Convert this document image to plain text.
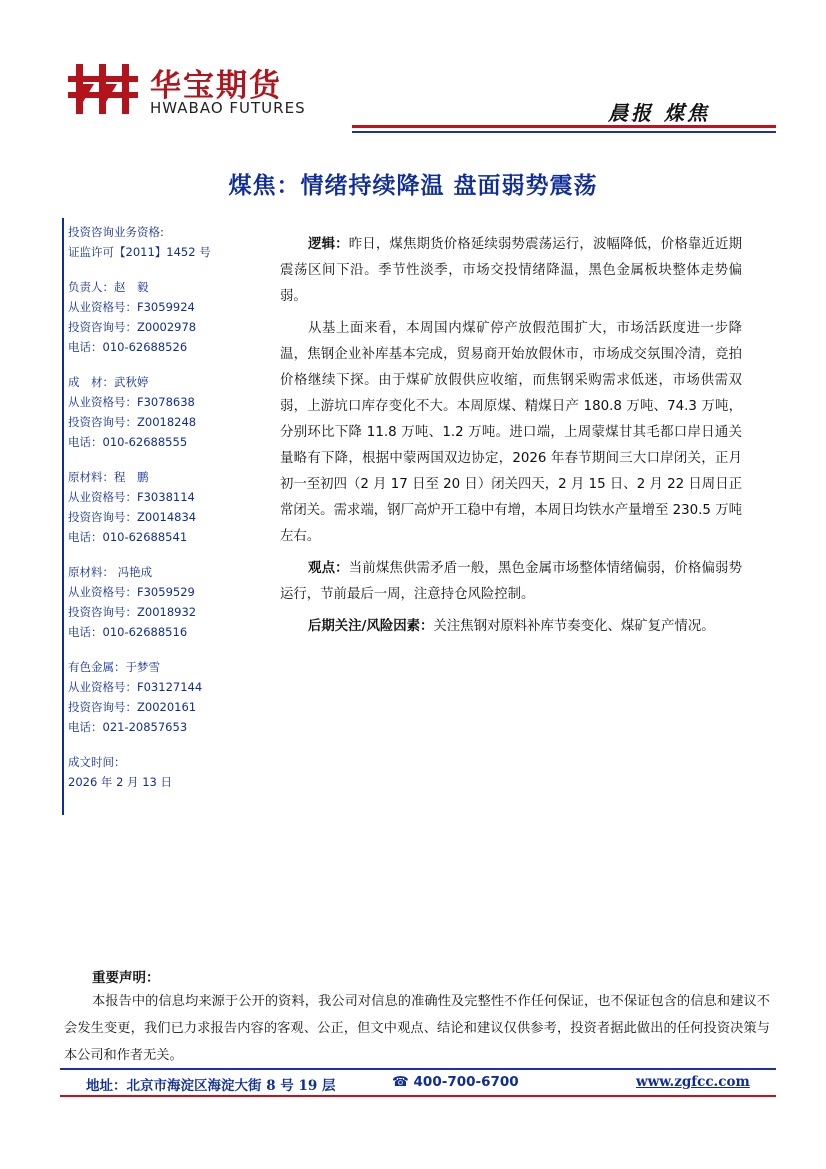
华宝期货
HWABAO FUTURES	晨报 煤焦
煤焦：情绪持续降温 盘面弱势震荡
投资咨询业务资格:
证监许可【2011】1452 号
负责人：赵　毅
从业资格号：F3059924
投资咨询号：Z0002978
电话：010-62688526
成　材：武秋婷
从业资格号：F3078638
投资咨询号：Z0018248
电话：010-62688555
原材料：程　鹏
从业资格号：F3038114
投资咨询号：Z0014834
电话：010-62688541
原材料： 冯艳成
从业资格号：F3059529
投资咨询号：Z0018932
电话：010-62688516
有色金属：于梦雪
从业资格号：F03127144
投资咨询号：Z0020161
电话：021-20857653
成文时间：
2026 年 2 月 13 日

逻辑：昨日，煤焦期货价格延续弱势震荡运行，波幅降低，价格靠近近期震荡区间下沿。季节性淡季，市场交投情绪降温，黑色金属板块整体走势偏弱。

从基上面来看，本周国内煤矿停产放假范围扩大，市场活跃度进一步降温，焦钢企业补库基本完成，贸易商开始放假休市，市场成交氛围冷清，竞拍价格继续下探。由于煤矿放假供应收缩，而焦钢采购需求低迷，市场供需双弱，上游坑口库存变化不大。本周原煤、精煤日产 180.8 万吨、74.3 万吨，分别环比下降 11.8 万吨、1.2 万吨。进口端，上周蒙煤甘其毛都口岸日通关量略有下降，根据中蒙两国双边协定，2026 年春节期间三大口岸闭关，正月初一至初四（2 月 17 日至 20 日）闭关四天，2 月 15 日、2 月 22 日周日正常闭关。需求端，钢厂高炉开工稳中有增，本周日均铁水产量增至 230.5 万吨左右。

观点：当前煤焦供需矛盾一般，黑色金属市场整体情绪偏弱，价格偏弱势运行，节前最后一周，注意持仓风险控制。

后期关注/风险因素：关注焦钢对原料补库节奏变化、煤矿复产情况。

重要声明：
本报告中的信息均来源于公开的资料，我公司对信息的准确性及完整性不作任何保证，也不保证包含的信息和建议不会发生变更，我们已力求报告内容的客观、公正，但文中观点、结论和建议仅供参考，投资者据此做出的任何投资决策与本公司和作者无关。
地址：北京市海淀区海淀大街 8 号 19 层	☎ 400-700-6700	www.zgfcc.com
